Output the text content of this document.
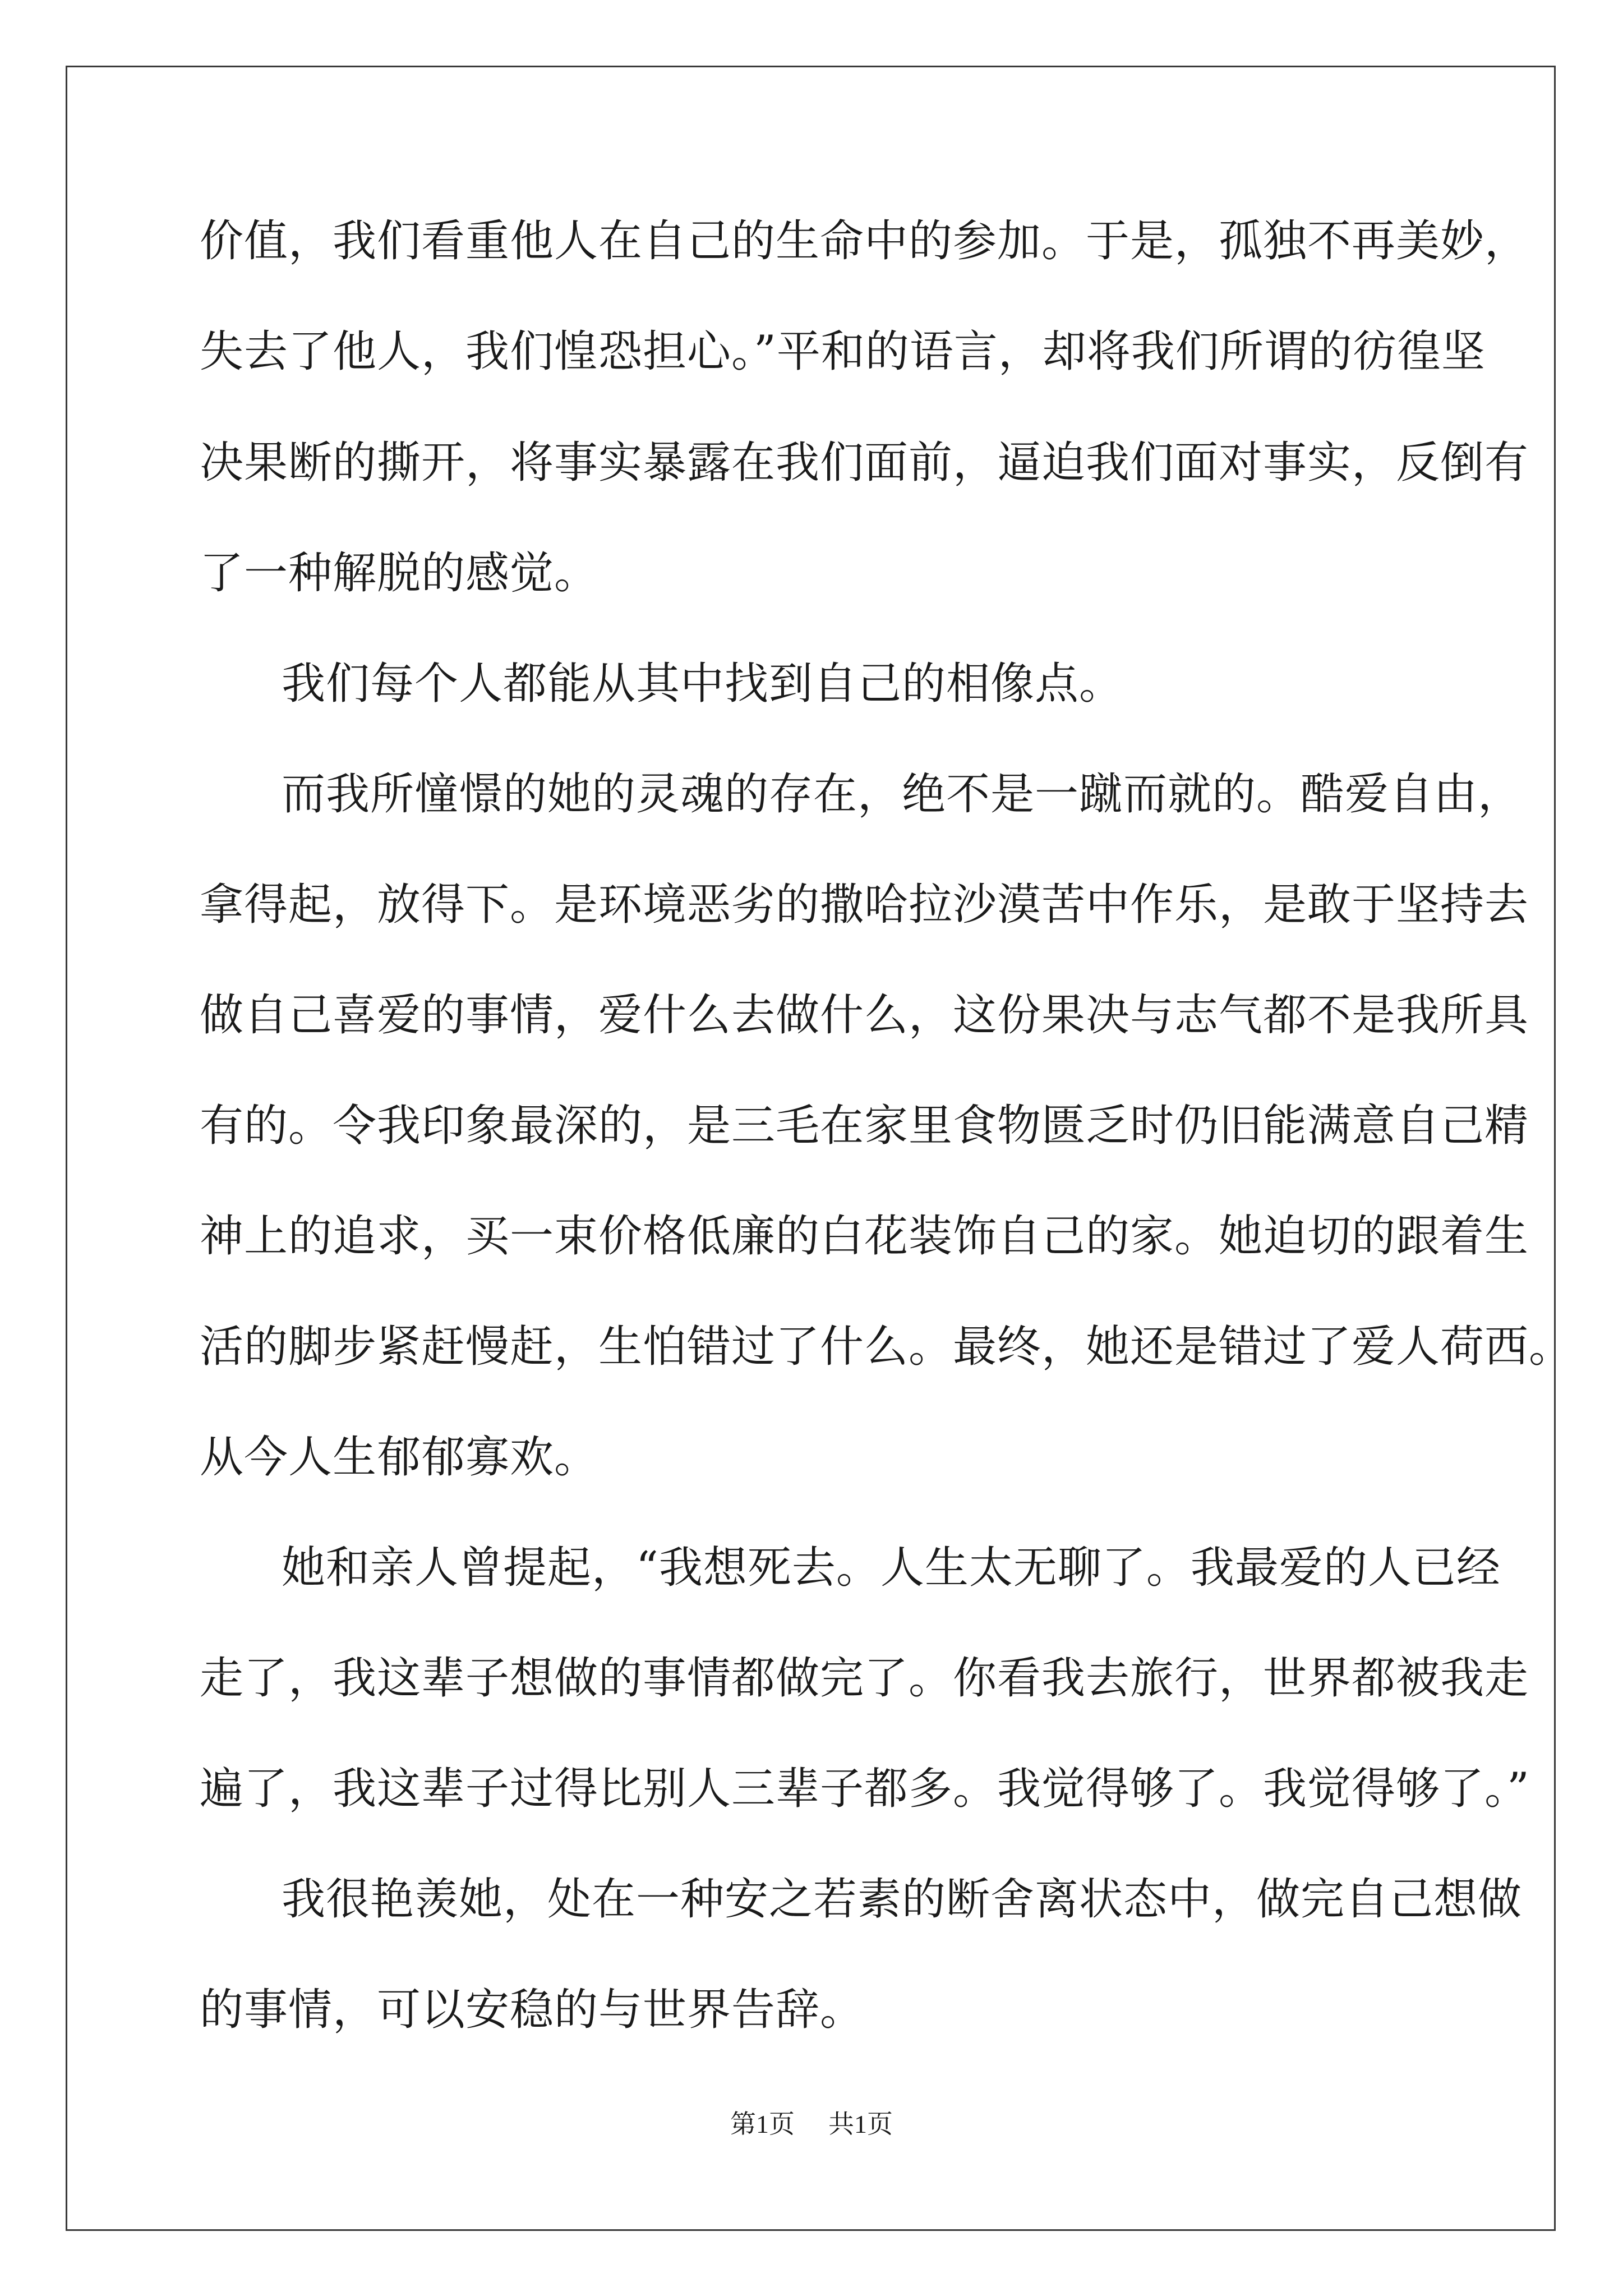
价值，我们看重他人在自己的生命中的参加。于是，孤独不再美妙，
失去了他人，我们惶恐担心。”平和的语言，却将我们所谓的彷徨坚
决果断的撕开，将事实暴露在我们面前，逼迫我们面对事实，反倒有
了一种解脱的感觉。
我们每个人都能从其中找到自己的相像点。
而我所憧憬的她的灵魂的存在，绝不是一蹴而就的。酷爱自由，
拿得起，放得下。是环境恶劣的撒哈拉沙漠苦中作乐，是敢于坚持去
做自己喜爱的事情，爱什么去做什么，这份果决与志气都不是我所具
有的。令我印象最深的，是三毛在家里食物匮乏时仍旧能满意自己精
神上的追求，买一束价格低廉的白花装饰自己的家。她迫切的跟着生
活的脚步紧赶慢赶，生怕错过了什么。最终，她还是错过了爱人荷西。
从今人生郁郁寡欢。
她和亲人曾提起，“我想死去。人生太无聊了。我最爱的人已经
走了，我这辈子想做的事情都做完了。你看我去旅行，世界都被我走
遍了，我这辈子过得比别人三辈子都多。我觉得够了。我觉得够了。”
我很艳羡她，处在一种安之若素的断舍离状态中，做完自己想做
的事情，可以安稳的与世界告辞。
第1页 共1页
